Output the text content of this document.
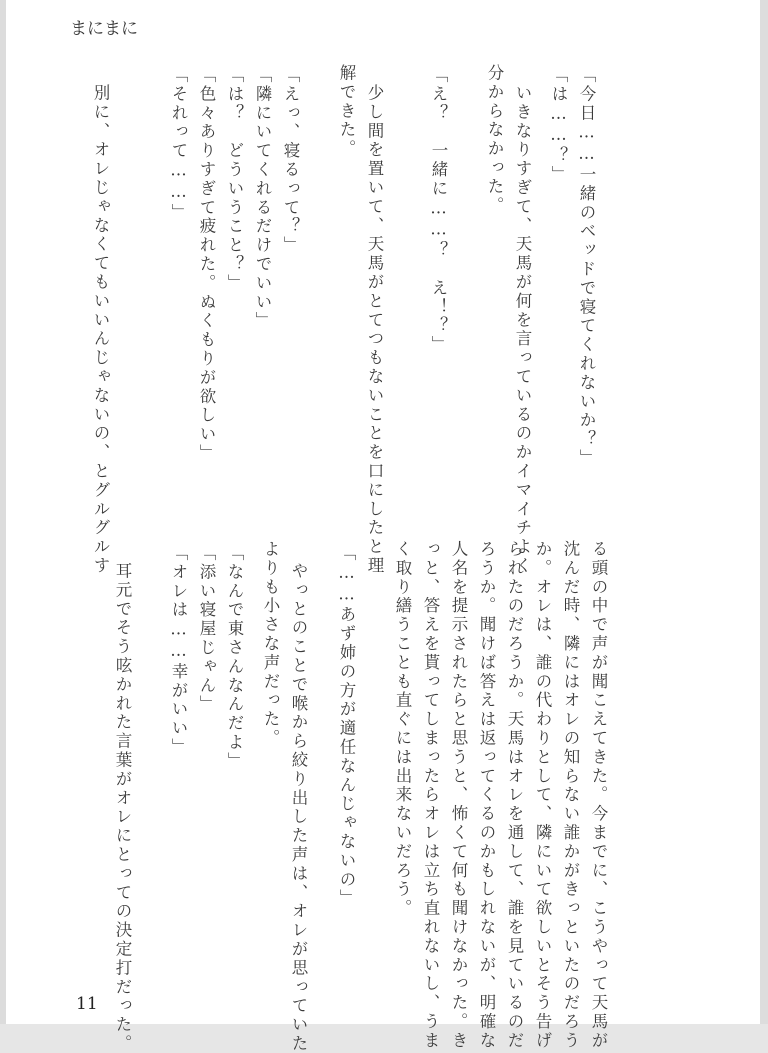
まにまに
「今日……一緒のベッドで寝てくれないか？」
「は……？」
いきなりすぎて、天馬が何を言っているのかイマイチよく
分からなかった。
「え？　一緒に……？　え！？」
少し間を置いて、天馬がとてつもないことを口にしたと理
解できた。
「えっ、寝るって？」
「隣にいてくれるだけでいい」
「は？　どういうこと？」
「色々ありすぎて疲れた。ぬくもりが欲しい」
「それって……」
別に、オレじゃなくてもいいんじゃないの、とグルグルす
る頭の中で声が聞こえてきた。今までに、こうやって天馬が
沈んだ時、隣にはオレの知らない誰かがきっといたのだろう
か。オレは、誰の代わりとして、隣にいて欲しいとそう告げ
られたのだろうか。天馬はオレを通して、誰を見ているのだ
ろうか。聞けば答えは返ってくるのかもしれないが、明確な
人名を提示されたらと思うと、怖くて何も聞けなかった。き
っと、答えを貰ってしまったらオレは立ち直れないし、うま
く取り繕うことも直ぐには出来ないだろう。
「……あず姉の方が適任なんじゃないの」
やっとのことで喉から絞り出した声は、オレが思っていた
よりも小さな声だった。
「なんで東さんなんだよ」
「添い寝屋じゃん」
「オレは……幸がいい」
耳元でそう呟かれた言葉がオレにとっての決定打だった。
11
